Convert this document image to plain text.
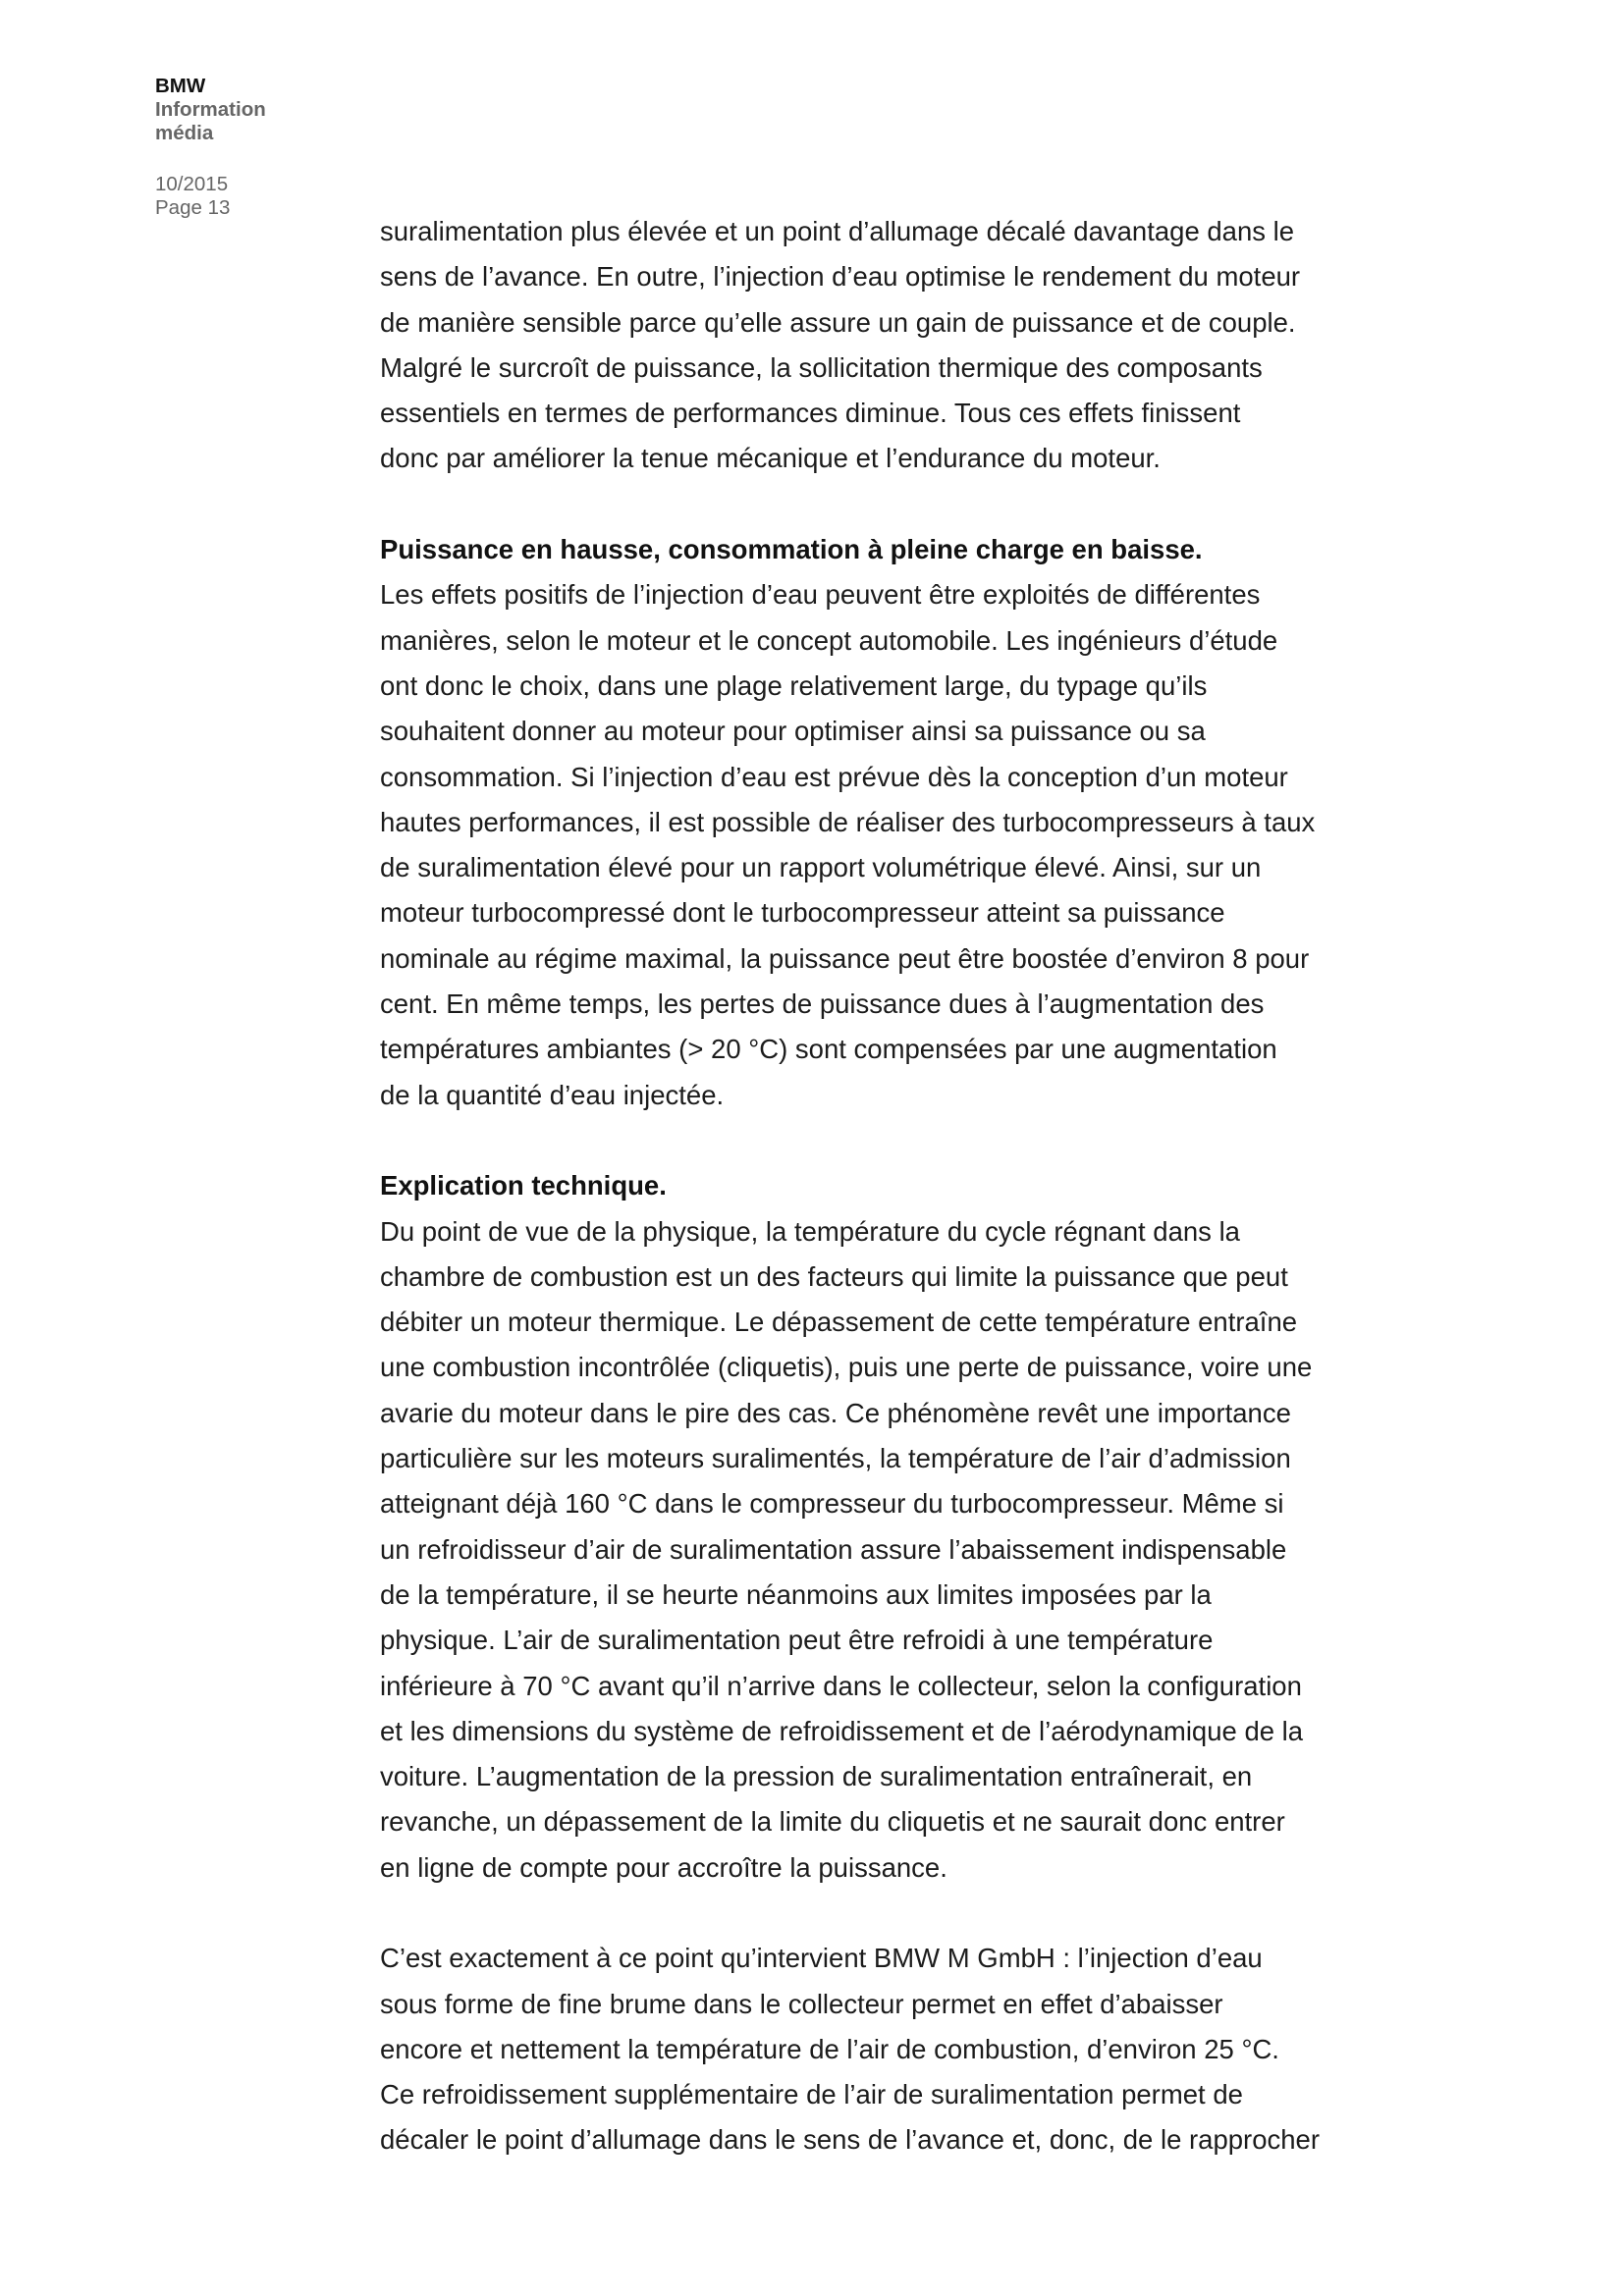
BMW
Information
média
10/2015
Page 13

suralimentation plus élevée et un point d’allumage décalé davantage dans le

sens de l’avance. En outre, l’injection d’eau optimise le rendement du moteur

de manière sensible parce qu’elle assure un gain de puissance et de couple.

Malgré le surcroît de puissance, la sollicitation thermique des composants

essentiels en termes de performances diminue. Tous ces effets finissent

donc par améliorer la tenue mécanique et l’endurance du moteur.

Puissance en hausse, consommation à pleine charge en baisse.

Les effets positifs de l’injection d’eau peuvent être exploités de différentes

manières, selon le moteur et le concept automobile. Les ingénieurs d’étude

ont donc le choix, dans une plage relativement large, du typage qu’ils

souhaitent donner au moteur pour optimiser ainsi sa puissance ou sa

consommation. Si l’injection d’eau est prévue dès la conception d’un moteur

hautes performances, il est possible de réaliser des turbocompresseurs à taux

de suralimentation élevé pour un rapport volumétrique élevé. Ainsi, sur un

moteur turbocompressé dont le turbocompresseur atteint sa puissance

nominale au régime maximal, la puissance peut être boostée d’environ 8 pour

cent. En même temps, les pertes de puissance dues à l’augmentation des

températures ambiantes (> 20 °C) sont compensées par une augmentation

de la quantité d’eau injectée.

Explication technique.

Du point de vue de la physique, la température du cycle régnant dans la

chambre de combustion est un des facteurs qui limite la puissance que peut

débiter un moteur thermique. Le dépassement de cette température entraîne

une combustion incontrôlée (cliquetis), puis une perte de puissance, voire une

avarie du moteur dans le pire des cas. Ce phénomène revêt une importance

particulière sur les moteurs suralimentés, la température de l’air d’admission

atteignant déjà 160 °C dans le compresseur du turbocompresseur. Même si

un refroidisseur d’air de suralimentation assure l’abaissement indispensable

de la température, il se heurte néanmoins aux limites imposées par la

physique. L’air de suralimentation peut être refroidi à une température

inférieure à 70 °C avant qu’il n’arrive dans le collecteur, selon la configuration

et les dimensions du système de refroidissement et de l’aérodynamique de la

voiture. L’augmentation de la pression de suralimentation entraînerait, en

revanche, un dépassement de la limite du cliquetis et ne saurait donc entrer

en ligne de compte pour accroître la puissance.

C’est exactement à ce point qu’intervient BMW M GmbH : l’injection d’eau

sous forme de fine brume dans le collecteur permet en effet d’abaisser

encore et nettement la température de l’air de combustion, d’environ 25 °C.

Ce refroidissement supplémentaire de l’air de suralimentation permet de

décaler le point d’allumage dans le sens de l’avance et, donc, de le rapprocher
